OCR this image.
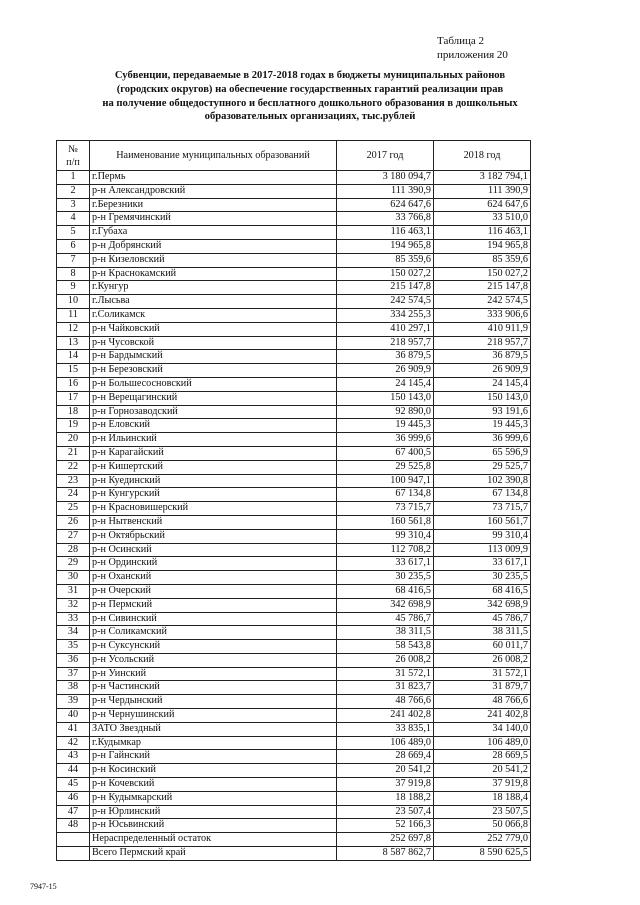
Таблица 2
приложения 20
Субвенции, передаваемые в 2017-2018 годах в бюджеты муниципальных районов
(городских округов) на обеспечение государственных гарантий реализации прав
на получение общедоступного и бесплатного дошкольного образования в дошкольных
образовательных организациях, тыс.рублей
№
п/п	Наименование муниципальных образований	2017 год	2018 год
1	г.Пермь	3 180 094,7	3 182 794,1
2	р-н Александровский	111 390,9	111 390,9
3	г.Березники	624 647,6	624 647,6
4	р-н Гремячинский	33 766,8	33 510,0
5	г.Губаха	116 463,1	116 463,1
6	р-н Добрянский	194 965,8	194 965,8
7	р-н Кизеловский	85 359,6	85 359,6
8	р-н Краснокамский	150 027,2	150 027,2
9	г.Кунгур	215 147,8	215 147,8
10	г.Лысьва	242 574,5	242 574,5
11	г.Соликамск	334 255,3	333 906,6
12	р-н Чайковский	410 297,1	410 911,9
13	р-н Чусовской	218 957,7	218 957,7
14	р-н Бардымский	36 879,5	36 879,5
15	р-н Березовский	26 909,9	26 909,9
16	р-н Большесосновский	24 145,4	24 145,4
17	р-н Верещагинский	150 143,0	150 143,0
18	р-н Горнозаводский	92 890,0	93 191,6
19	р-н Еловский	19 445,3	19 445,3
20	р-н Ильинский	36 999,6	36 999,6
21	р-н Карагайский	67 400,5	65 596,9
22	р-н Кишертский	29 525,8	29 525,7
23	р-н Куединский	100 947,1	102 390,8
24	р-н Кунгурский	67 134,8	67 134,8
25	р-н Красновишерский	73 715,7	73 715,7
26	р-н Нытвенский	160 561,8	160 561,7
27	р-н Октябрьский	99 310,4	99 310,4
28	р-н Осинский	112 708,2	113 009,9
29	р-н Ординский	33 617,1	33 617,1
30	р-н Оханский	30 235,5	30 235,5
31	р-н Очерский	68 416,5	68 416,5
32	р-н Пермский	342 698,9	342 698,9
33	р-н Сивинский	45 786,7	45 786,7
34	р-н Соликамский	38 311,5	38 311,5
35	р-н Суксунский	58 543,8	60 011,7
36	р-н Усольский	26 008,2	26 008,2
37	р-н Уинский	31 572,1	31 572,1
38	р-н Частинский	31 823,7	31 879,7
39	р-н Чердынский	48 766,6	48 766,6
40	р-н Чернушинский	241 402,8	241 402,8
41	ЗАТО Звездный	33 835,1	34 140,0
42	г.Кудымкар	106 489,0	106 489,0
43	р-н Гайнский	28 669,4	28 669,5
44	р-н Косинский	20 541,2	20 541,2
45	р-н Кочевский	37 919,8	37 919,8
46	р-н Кудымкарский	18 188,2	18 188,4
47	р-н Юрлинский	23 507,4	23 507,5
48	р-н Юсьвинский	52 166,3	50 066,8
	Нераспределенный остаток	252 697,8	252 779,0
	Всего Пермский край	8 587 862,7	8 590 625,5
7947-15
